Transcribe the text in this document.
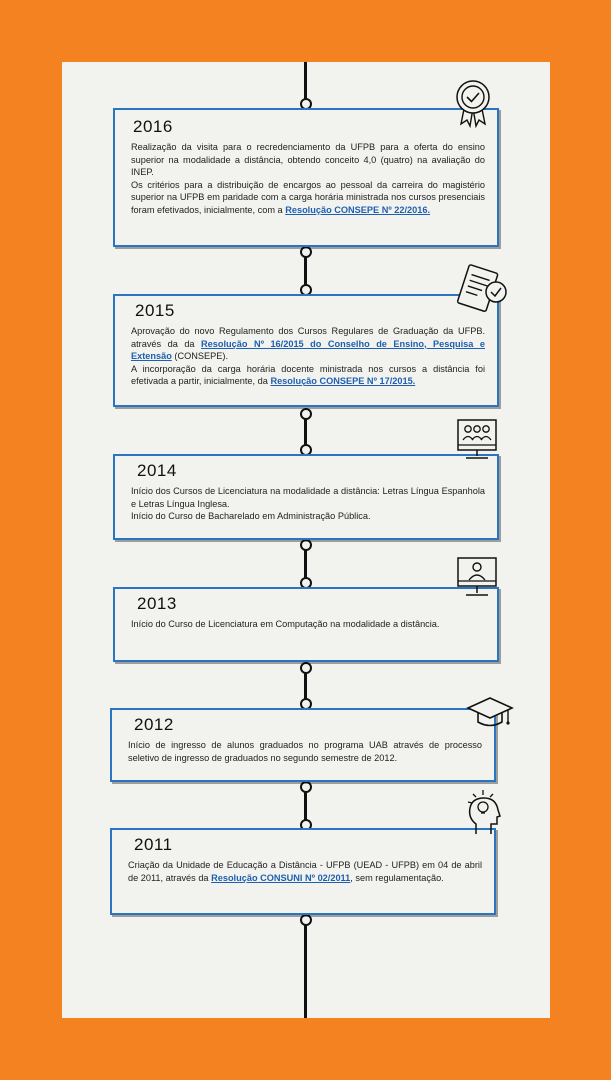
2016
Realização da visita para o recredenciamento da UFPB para a oferta do ensino superior na modalidade a distância, obtendo conceito 4,0 (quatro) na avaliação do INEP.
Os critérios para a distribuição de encargos ao pessoal da carreira do magistério superior na UFPB em paridade com a carga horária ministrada nos cursos presenciais foram efetivados, inicialmente, com a Resolução CONSEPE Nº 22/2016.
2015
Aprovação do novo Regulamento dos Cursos Regulares de Graduação da UFPB. através da da Resolução Nº 16/2015 do Conselho de Ensino, Pesquisa e Extensão (CONSEPE).
A incorporação da carga horária docente ministrada nos cursos a distância foi efetivada a partir, inicialmente, da Resolução CONSEPE Nº 17/2015.
2014
Início dos Cursos de Licenciatura na modalidade a distância: Letras Língua Espanhola e Letras Língua Inglesa.
Início do Curso de Bacharelado em Administração Pública.
2013
Início do Curso de Licenciatura em Computação na modalidade a distância.
2012
Início de ingresso de alunos graduados no programa UAB através de processo seletivo de ingresso de graduados no segundo semestre de 2012.
2011
Criação da Unidade de Educação a Distância - UFPB (UEAD - UFPB) em 04 de abril de 2011, através da Resolução CONSUNI Nº 02/2011, sem regulamentação.
